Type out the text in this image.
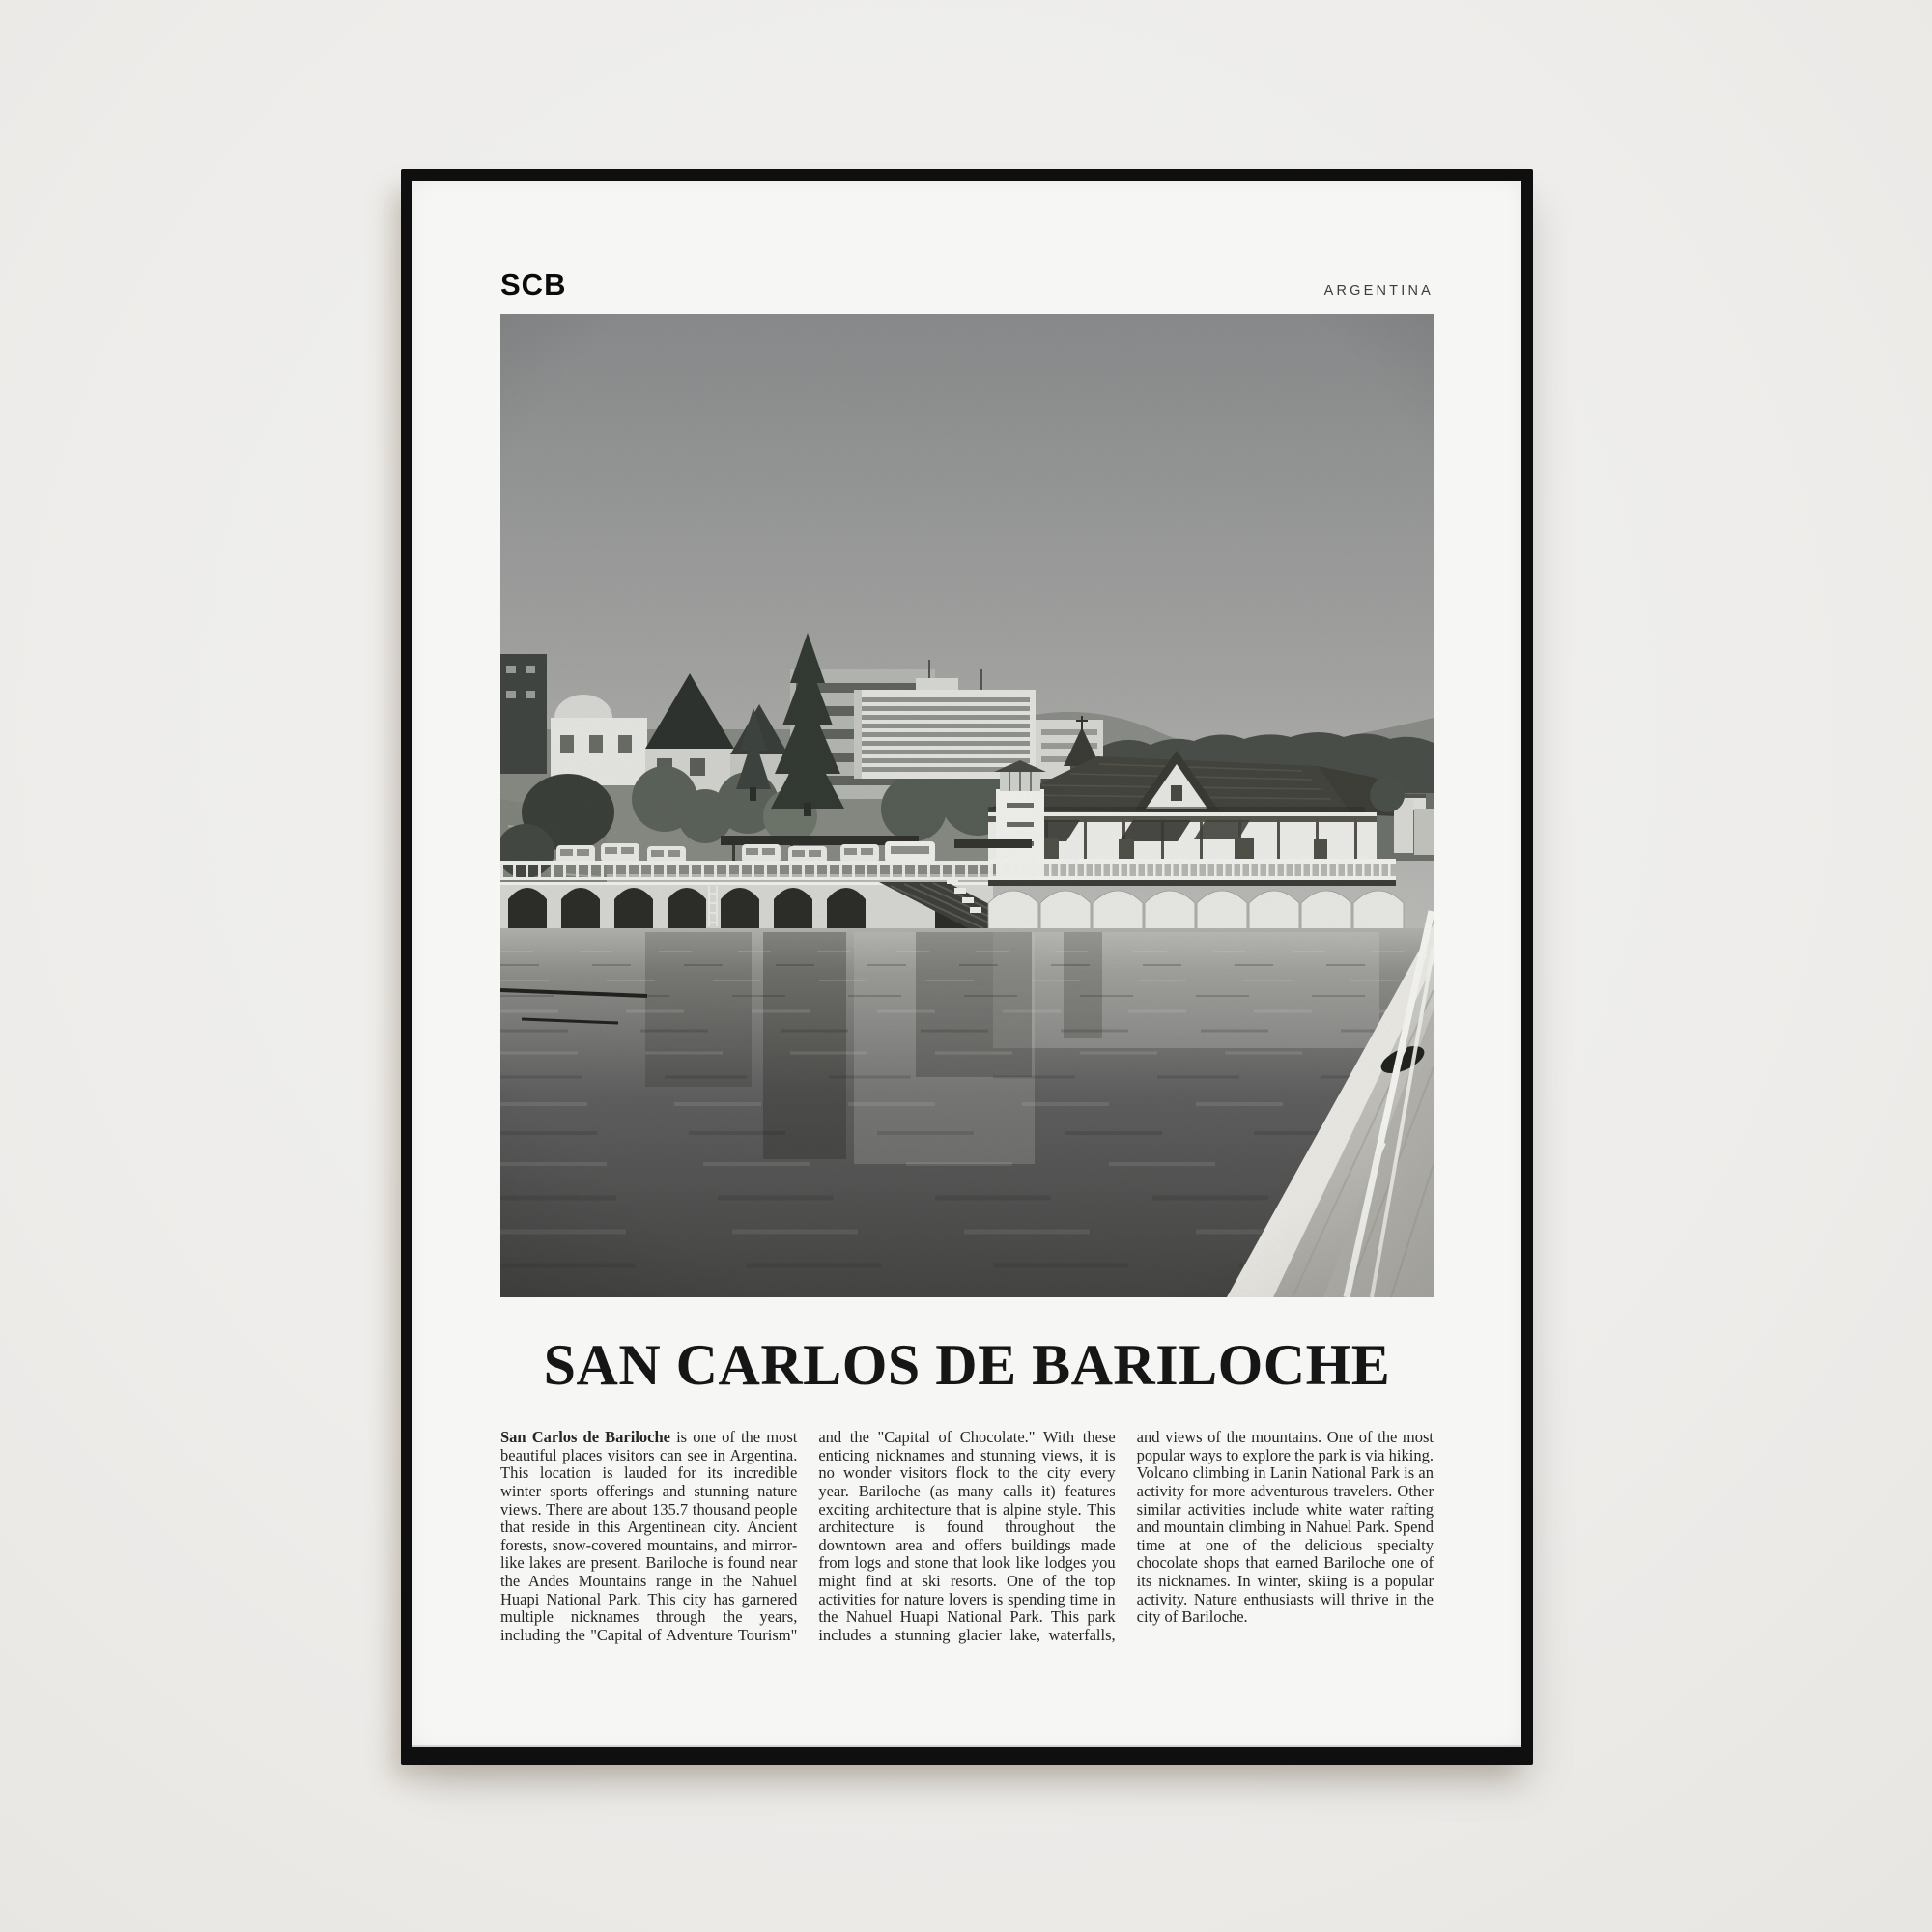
SCB	ARGENTINA
SAN CARLOS DE BARILOCHE

San Carlos de Bariloche is one of the most beautiful places visitors can see in Argentina. This location is lauded for its incredible winter sports offerings and stunning nature views. There are about 135.7 thousand people that reside in this Argentinean city. Ancient forests, snow-covered mountains, and mirror-like lakes are present. Bariloche is found near the Andes Mountains range in the Nahuel Huapi National Park. This city has garnered multiple nicknames through the years, including the "Capital of Adventure Tourism" and the "Capital of Chocolate." With these enticing nicknames and stunning views, it is no wonder visitors flock to the city every year. Bariloche (as many calls it) features exciting architecture that is alpine style. This architecture is found throughout the downtown area and offers buildings made from logs and stone that look like lodges you might find at ski resorts. One of the top activities for nature lovers is spending time in the Nahuel Huapi National Park. This park includes a stunning glacier lake, waterfalls, and views of the mountains. One of the most popular ways to explore the park is via hiking. Volcano climbing in Lanin National Park is an activity for more adventurous travelers. Other similar activities include white water rafting and mountain climbing in Nahuel Park. Spend time at one of the delicious specialty chocolate shops that earned Bariloche one of its nicknames. In winter, skiing is a popular activity. Nature enthusiasts will thrive in the city of Bariloche.
